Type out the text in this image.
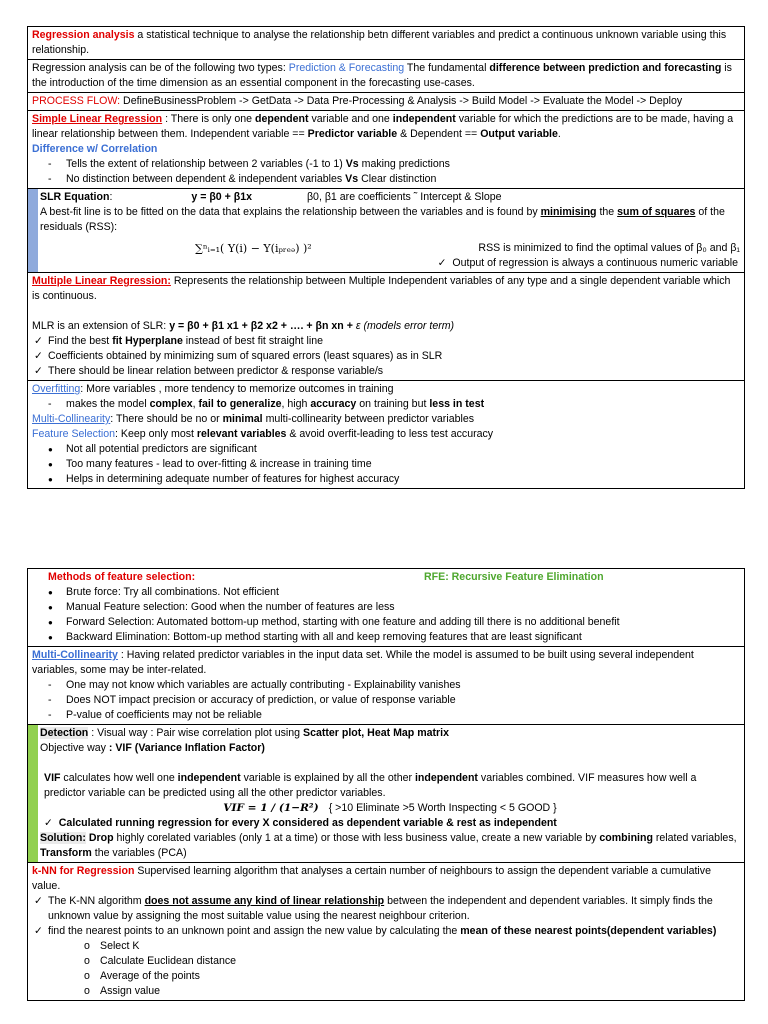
Regression analysis a statistical technique to analyse the relationship betn different variables and predict a continuous unknown variable using this relationship.
Regression analysis can be of the following two types: Prediction & Forecasting The fundamental difference between prediction and forecasting is the introduction of the time dimension as an essential component in the forecasting use-cases.
PROCESS FLOW: DefineBusinessProblem -> GetData -> Data Pre-Processing & Analysis -> Build Model -> Evaluate the Model -> Deploy
Simple Linear Regression : There is only one dependent variable and one independent variable for which the predictions are to be made, having a linear relationship between them. Independent variable == Predictor variable & Dependent == Output variable.
Difference w/ Correlation
- Tells the extent of relationship between 2 variables (-1 to 1) Vs making predictions
- No distinction between dependent & independent variables Vs Clear distinction
SLR Equation:	y = β0 + β1x	β0, β1 are coefficients ˜ Intercept & Slope
A best-fit line is to be fitted on the data that explains the relationship between the variables and is found by minimising the sum of squares of the residuals (RSS):
∑ⁿᵢ₌₁( Y(i) − Y(iₚᵣₑₔ) )²	RSS is minimized to find the optimal values of β₀ and β₁
✓ Output of regression is always a continuous numeric variable
Multiple Linear Regression: Represents the relationship between Multiple Independent variables of any type and a single dependent variable which is continuous.
MLR is an extension of SLR: y = β0 + β1 x1 + β2 x2 + …. + βn xn + ε (models error term)
✓ Find the best fit Hyperplane instead of best fit straight line
✓ Coefficients obtained by minimizing sum of squared errors (least squares) as in SLR
✓ There should be linear relation between predictor & response variable/s
Overfitting: More variables , more tendency to memorize outcomes in training
- makes the model complex, fail to generalize, high accuracy on training but less in test
Multi-Collinearity: There should be no or minimal multi-collinearity between predictor variables
Feature Selection: Keep only most relevant variables & avoid overfit-leading to less test accuracy
● Not all potential predictors are significant
● Too many features - lead to over-fitting & increase in training time
● Helps in determining adequate number of features for highest accuracy
Methods of feature selection:	RFE: Recursive Feature Elimination
● Brute force: Try all combinations. Not efficient
● Manual Feature selection: Good when the number of features are less
● Forward Selection: Automated bottom-up method, starting with one feature and adding till there is no additional benefit
● Backward Elimination: Bottom-up method starting with all and keep removing features that are least significant
Multi-Collinearity : Having related predictor variables in the input data set. While the model is assumed to be built using several independent variables, some may be inter-related.
- One may not know which variables are actually contributing - Explainability vanishes
- Does NOT impact precision or accuracy of prediction, or value of response variable
- P-value of coefficients may not be reliable
Detection : Visual way : Pair wise correlation plot using Scatter plot, Heat Map matrix
Objective way : VIF (Variance Inflation Factor)
VIF calculates how well one independent variable is explained by all the other independent variables combined. VIF measures how well a predictor variable can be predicted using all the other predictor variables.
VIF = 1 / (1−R²) { >10 Eliminate >5 Worth Inspecting < 5 GOOD }
✓ Calculated running regression for every X considered as dependent variable & rest as independent
Solution: Drop highly corelated variables (only 1 at a time) or those with less business value, create a new variable by combining related variables, Transform the variables (PCA)
k-NN for Regression Supervised learning algorithm that analyses a certain number of neighbours to assign the dependent variable a cumulative value.
✓ The K-NN algorithm does not assume any kind of linear relationship between the independent and dependent variables. It simply finds the unknown value by assigning the most suitable value using the nearest neighbour criterion.
✓ find the nearest points to an unknown point and assign the new value by calculating the mean of these nearest points(dependent variables)
o Select K
o Calculate Euclidean distance
o Average of the points
o Assign value
